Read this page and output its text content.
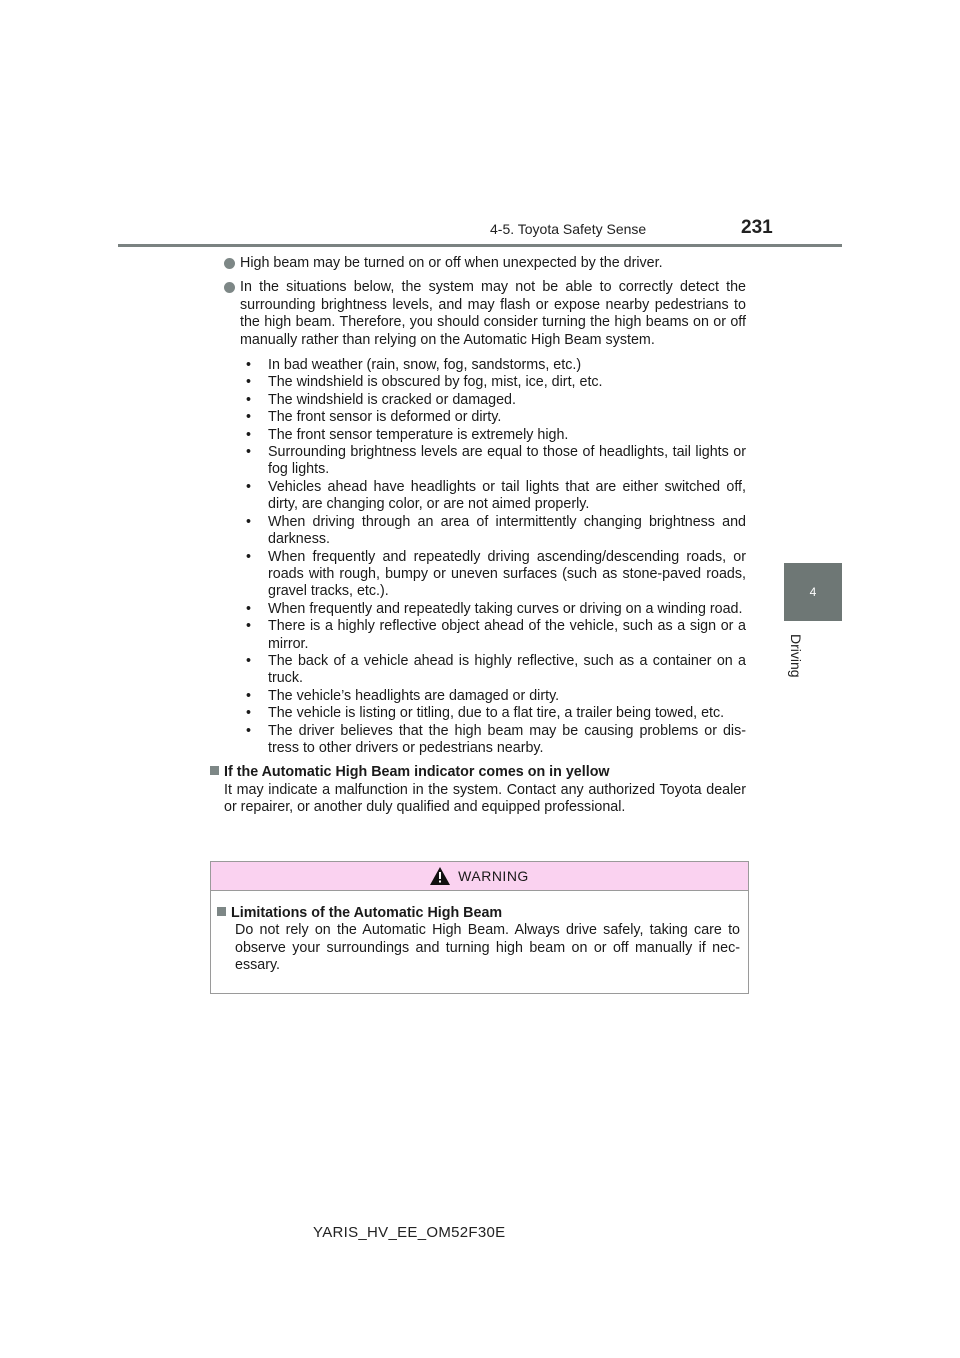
4-5. Toyota Safety Sense	231
4
Driving
High beam may be turned on or off when unexpected by the driver.
In the situations below, the system may not be able to correctly detect the surrounding brightness levels, and may flash or expose nearby pedestrians to the high beam. Therefore, you should consider turning the high beams on or off manually rather than relying on the Automatic High Beam system.
• In bad weather (rain, snow, fog, sandstorms, etc.)
• The windshield is obscured by fog, mist, ice, dirt, etc.
• The windshield is cracked or damaged.
• The front sensor is deformed or dirty.
• The front sensor temperature is extremely high.
• Surrounding brightness levels are equal to those of headlights, tail lights or fog lights.
• Vehicles ahead have headlights or tail lights that are either switched off, dirty, are changing color, or are not aimed properly.
• When driving through an area of intermittently changing brightness and darkness.
• When frequently and repeatedly driving ascending/descending roads, or roads with rough, bumpy or uneven surfaces (such as stone-paved roads, gravel tracks, etc.).
• When frequently and repeatedly taking curves or driving on a winding road.
• There is a highly reflective object ahead of the vehicle, such as a sign or a mirror.
• The back of a vehicle ahead is highly reflective, such as a container on a truck.
• The vehicle’s headlights are damaged or dirty.
• The vehicle is listing or titling, due to a flat tire, a trailer being towed, etc.
• The driver believes that the high beam may be causing problems or dis- tress to other drivers or pedestrians nearby.
If the Automatic High Beam indicator comes on in yellow
It may indicate a malfunction in the system. Contact any authorized Toyota dealer or repairer, or another duly qualified and equipped professional.
WARNING
Limitations of the Automatic High Beam
Do not rely on the Automatic High Beam. Always drive safely, taking care to observe your surroundings and turning high beam on or off manually if nec- essary.
YARIS_HV_EE_OM52F30E
